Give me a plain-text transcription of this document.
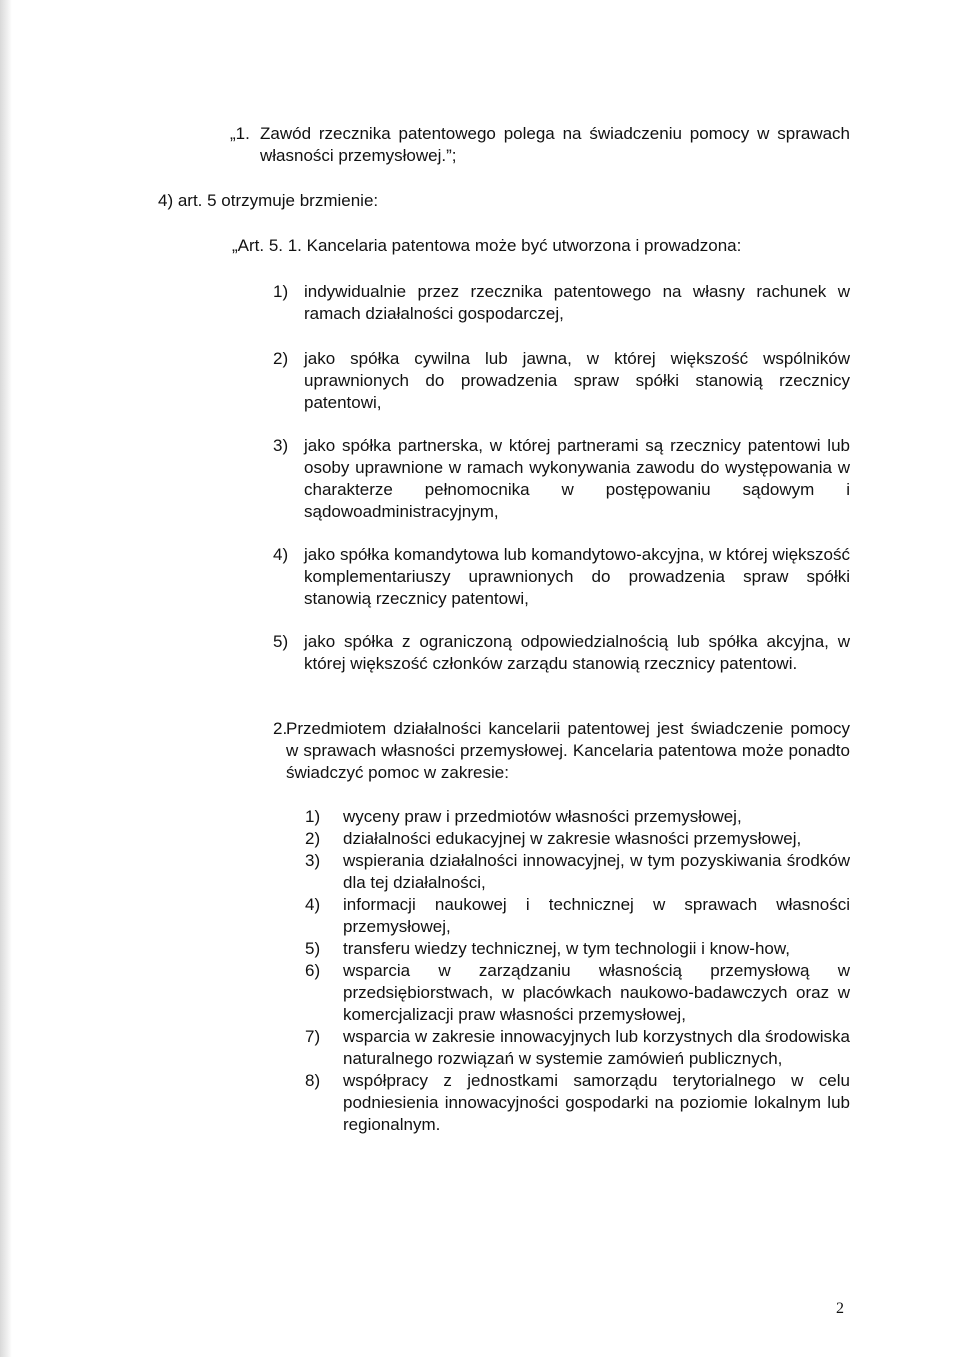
„1. Zawód rzecznika patentowego polega na świadczeniu pomocy w sprawach własności przemysłowej.”;

4) art. 5 otrzymuje brzmienie:

„Art. 5. 1. Kancelaria patentowa może być utworzona i prowadzona:

1) indywidualnie przez rzecznika patentowego na własny rachunek w ramach działalności gospodarczej,
2) jako spółka cywilna lub jawna, w której większość wspólników uprawnionych do prowadzenia spraw spółki stanowią rzecznicy patentowi,
3) jako spółka partnerska, w której partnerami są rzecznicy patentowi lub osoby uprawnione w ramach wykonywania zawodu do występowania w charakterze pełnomocnika w postępowaniu sądowym i sądowoadministracyjnym,
4) jako spółka komandytowa lub komandytowo-akcyjna, w której większość komplementariuszy uprawnionych do prowadzenia spraw spółki stanowią rzecznicy patentowi,
5) jako spółka z ograniczoną odpowiedzialnością lub spółka akcyjna, w której większość członków zarządu stanowią rzecznicy patentowi.
2.
Przedmiotem działalności kancelarii patentowej jest świadczenie pomocy w sprawach własności przemysłowej. Kancelaria patentowa może ponadto świadczyć pomoc w zakresie:
1)	wyceny praw i przedmiotów własności przemysłowej,
2)	działalności edukacyjnej w zakresie własności przemysłowej,
3)	wspierania działalności innowacyjnej, w tym pozyskiwania środków dla tej działalności,
4)	informacji naukowej i technicznej w sprawach własności przemysłowej,
5)	transferu wiedzy technicznej, w tym technologii i know-how,
6)	wsparcia w zarządzaniu własnością przemysłową w przedsiębiorstwach, w placówkach naukowo-badawczych oraz w komercjalizacji praw własności przemysłowej,
7)	wsparcia w zakresie innowacyjnych lub korzystnych dla środowiska naturalnego rozwiązań w systemie zamówień publicznych,
8)	współpracy z jednostkami samorządu terytorialnego w celu podniesienia innowacyjności gospodarki na poziomie lokalnym lub regionalnym.
2
